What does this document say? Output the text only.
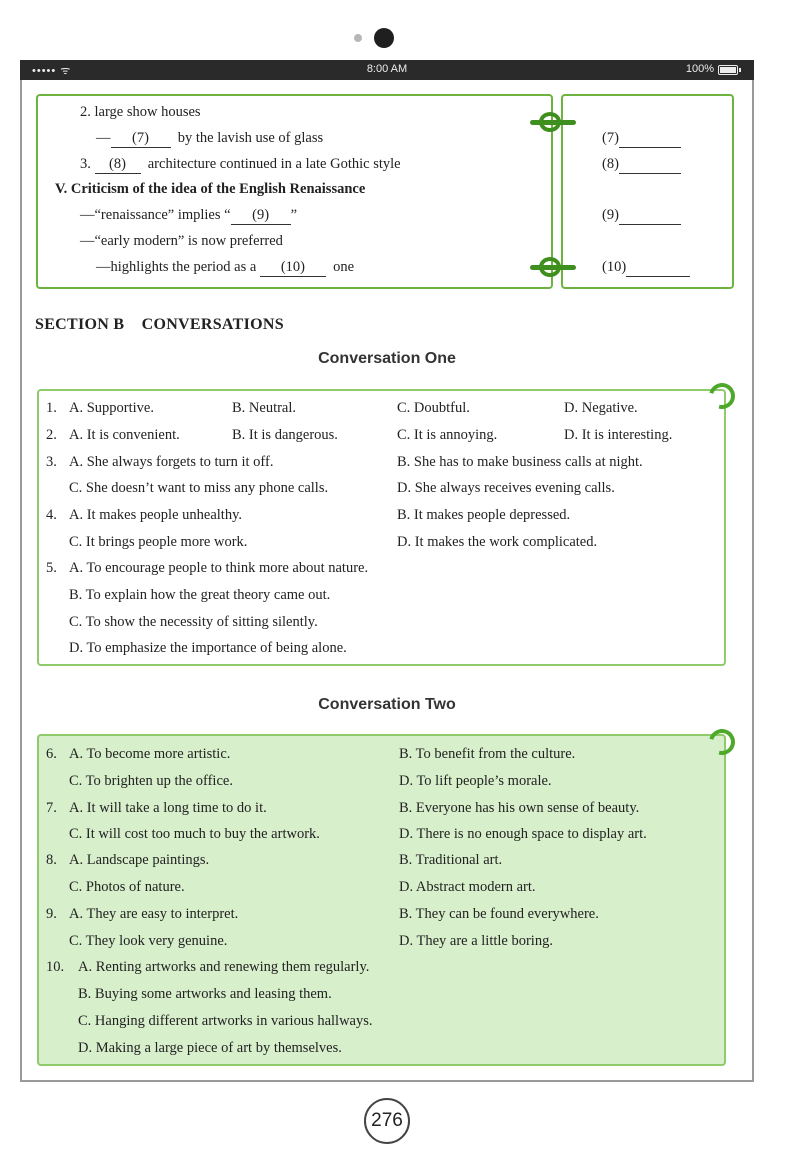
••••• ᯤ	8:00 AM	100%
2. large show houses
— (7) by the lavish use of glass
3. (8) architecture continued in a late Gothic style
V. Criticism of the idea of the English Renaissance
—“renaissance” implies “ (9) ”
—“early modern” is now preferred
—highlights the period as a (10) one
(7)
(8)
(9)
(10)
SECTION B    CONVERSATIONS
Conversation One
1. A. Supportive.	B. Neutral.	C. Doubtful.	D. Negative.
2. A. It is convenient.	B. It is dangerous.	C. It is annoying.	D. It is interesting.
3. A. She always forgets to turn it off.	B. She has to make business calls at night.
C. She doesn’t want to miss any phone calls.	D. She always receives evening calls.
4. A. It makes people unhealthy.	B. It makes people depressed.
C. It brings people more work.	D. It makes the work complicated.
5. A. To encourage people to think more about nature.
B. To explain how the great theory came out.
C. To show the necessity of sitting silently.
D. To emphasize the importance of being alone.
Conversation Two
6. A. To become more artistic.	B. To benefit from the culture.
C. To brighten up the office.	D. To lift people’s morale.
7. A. It will take a long time to do it.	B. Everyone has his own sense of beauty.
C. It will cost too much to buy the artwork.	D. There is no enough space to display art.
8. A. Landscape paintings.	B. Traditional art.
C. Photos of nature.	D. Abstract modern art.
9. A. They are easy to interpret.	B. They can be found everywhere.
C. They look very genuine.	D. They are a little boring.
10. A. Renting artworks and renewing them regularly.
B. Buying some artworks and leasing them.
C. Hanging different artworks in various hallways.
D. Making a large piece of art by themselves.
276
